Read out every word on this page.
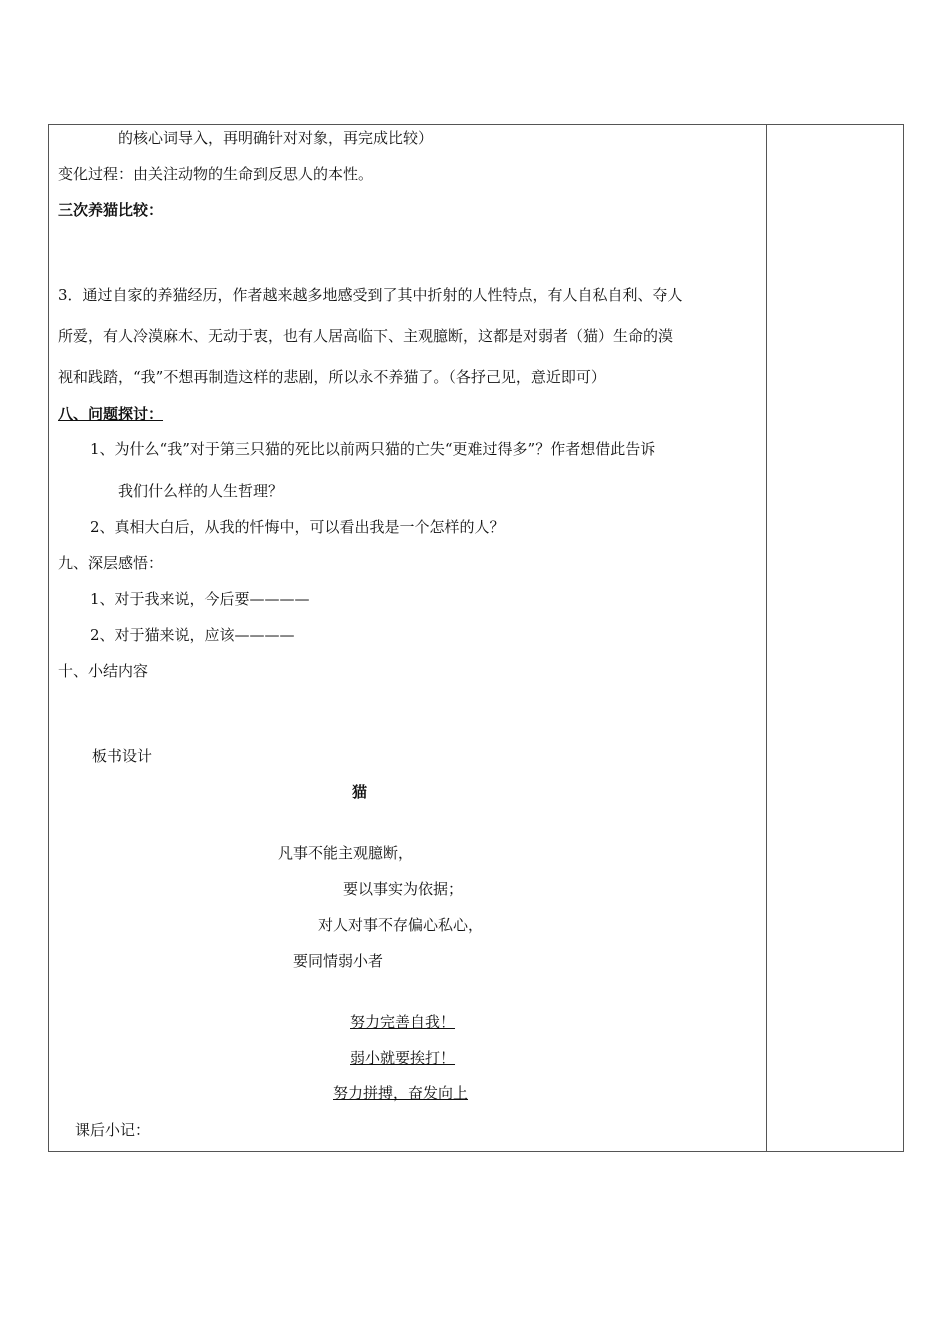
的核心词导入，再明确针对对象，再完成比较）
变化过程：由关注动物的生命到反思人的本性。
三次养猫比较：
3．通过自家的养猫经历，作者越来越多地感受到了其中折射的人性特点，有人自私自利、夺人
所爱，有人冷漠麻木、无动于衷，也有人居高临下、主观臆断，这都是对弱者（猫）生命的漠
视和践踏，“我”不想再制造这样的悲剧，所以永不养猫了。（各抒己见，意近即可）
八、问题探讨：
1、为什么“我”对于第三只猫的死比以前两只猫的亡失“更难过得多”？作者想借此告诉
我们什么样的人生哲理？
2、真相大白后，从我的忏悔中，可以看出我是一个怎样的人？
九、深层感悟：
1、对于我来说，今后要————
2、对于猫来说，应该————
十、小结内容
板书设计
猫
凡事不能主观臆断，
要以事实为依据；
对人对事不存偏心私心，
要同情弱小者
努力完善自我！
弱小就要挨打！
努力拼搏，奋发向上
课后小记：
